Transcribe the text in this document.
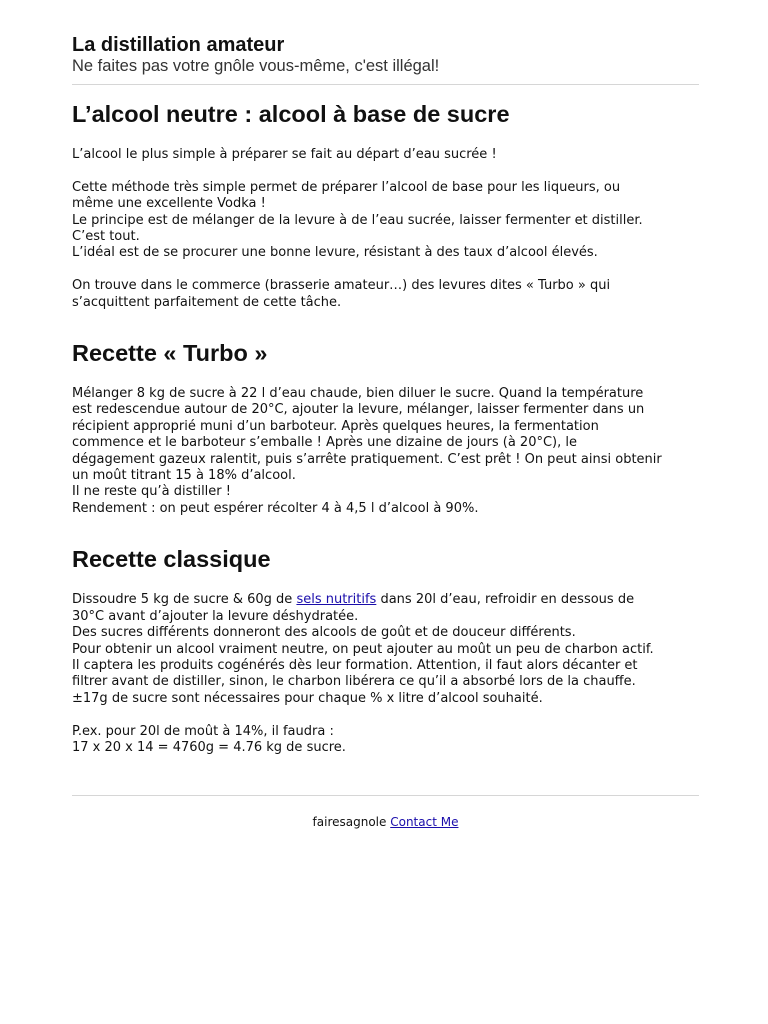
La distillation amateur

Ne faites pas votre gnôle vous-même, c'est illégal!

L’alcool neutre : alcool à base de sucre

L’alcool le plus simple à préparer se fait au départ d’eau sucrée !

Cette méthode très simple permet de préparer l’alcool de base pour les liqueurs, ou
même une excellente Vodka !
Le principe est de mélanger de la levure à de l’eau sucrée, laisser fermenter et distiller.
C’est tout.
L’idéal est de se procurer une bonne levure, résistant à des taux d’alcool élevés.

On trouve dans le commerce (brasserie amateur…) des levures dites « Turbo » qui
s’acquittent parfaitement de cette tâche.

Recette « Turbo »

Mélanger 8 kg de sucre à 22 l d’eau chaude, bien diluer le sucre. Quand la température
est redescendue autour de 20°C, ajouter la levure, mélanger, laisser fermenter dans un
récipient approprié muni d’un barboteur. Après quelques heures, la fermentation
commence et le barboteur s’emballe ! Après une dizaine de jours (à 20°C), le
dégagement gazeux ralentit, puis s’arrête pratiquement. C’est prêt ! On peut ainsi obtenir
un moût titrant 15 à 18% d’alcool.
Il ne reste qu’à distiller !
Rendement : on peut espérer récolter 4 à 4,5 l d’alcool à 90%.

Recette classique

Dissoudre 5 kg de sucre & 60g de sels nutritifs dans 20l d’eau, refroidir en dessous de
30°C avant d’ajouter la levure déshydratée.
Des sucres différents donneront des alcools de goût et de douceur différents.
Pour obtenir un alcool vraiment neutre, on peut ajouter au moût un peu de charbon actif.
Il captera les produits cogénérés dès leur formation. Attention, il faut alors décanter et
filtrer avant de distiller, sinon, le charbon libérera ce qu’il a absorbé lors de la chauffe.
±17g de sucre sont nécessaires pour chaque % x litre d’alcool souhaité.

P.ex. pour 20l de moût à 14%, il faudra :
17 x 20 x 14 = 4760g = 4.76 kg de sucre.

fairesagnole Contact Me
